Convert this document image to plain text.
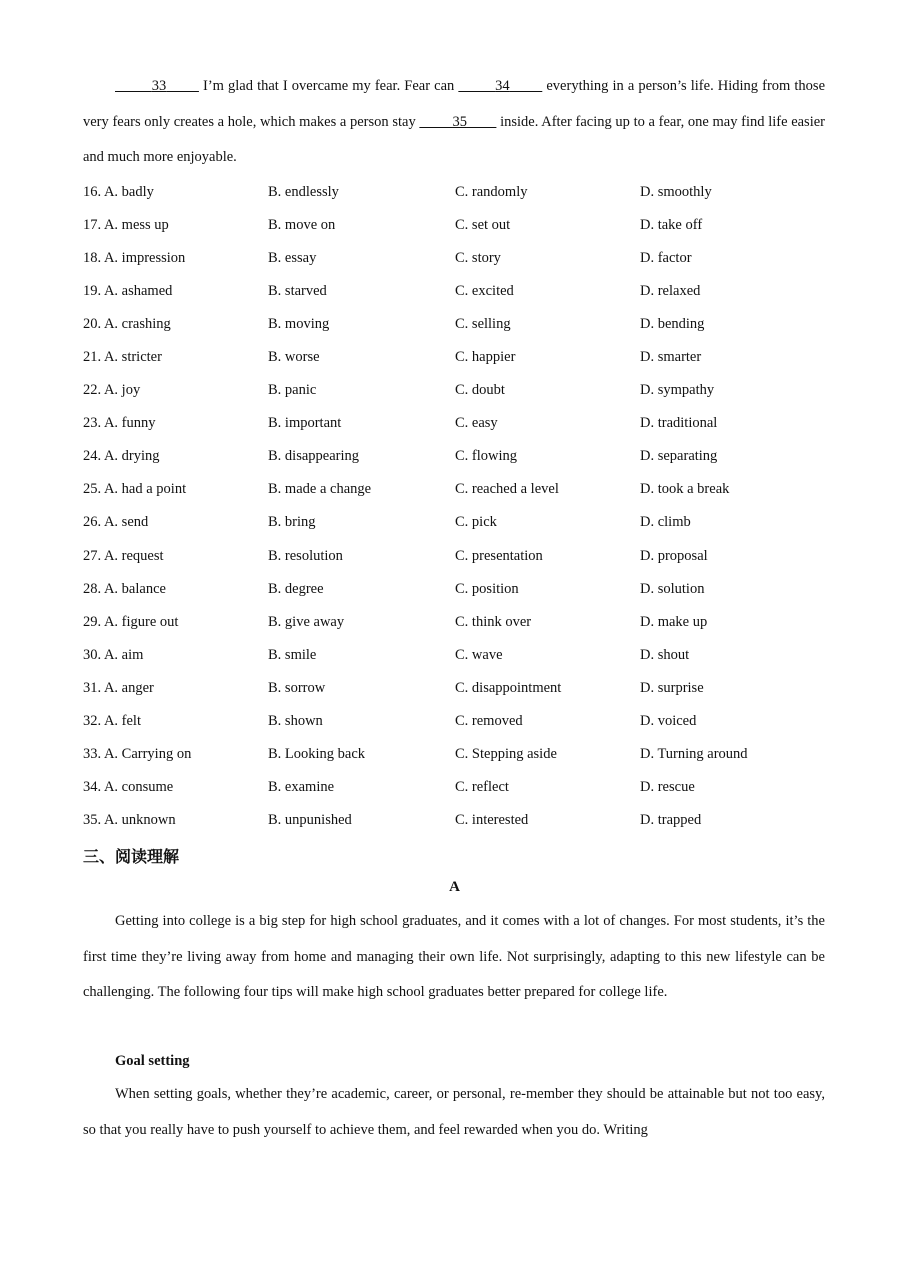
33         I’m glad that I overcame my fear. Fear can	34         everything in a person’s life. Hiding from those very fears only creates a hole, which makes a person stay          35         inside. After facing up to a fear, one may find life easier and much more enjoyable.

16. A. badly	B. endlessly	C. randomly	D. smoothly
17. A. mess up	B. move on	C. set out	D. take off
18. A. impression	B. essay	C. story	D. factor
19. A. ashamed	B. starved	C. excited	D. relaxed
20. A. crashing	B. moving	C. selling	D. bending
21. A. stricter	B. worse	C. happier	D. smarter
22. A. joy	B. panic	C. doubt	D. sympathy
23. A. funny	B. important	C. easy	D. traditional
24. A. drying	B. disappearing	C. flowing	D. separating
25. A. had a point	B. made a change	C. reached a level	D. took a break
26. A. send	B. bring	C. pick	D. climb
27. A. request	B. resolution	C. presentation	D. proposal
28. A. balance	B. degree	C. position	D. solution
29. A. figure out	B. give away	C. think over	D. make up
30. A. aim	B. smile	C. wave	D. shout
31. A. anger	B. sorrow	C. disappointment	D. surprise
32. A. felt	B. shown	C. removed	D. voiced
33. A. Carrying on	B. Looking back	C. Stepping aside	D. Turning around
34. A. consume	B. examine	C. reflect	D. rescue
35. A. unknown	B. unpunished	C. interested	D. trapped
三、阅读理解
A

Getting into college is a big step for high school graduates, and it comes with a lot of changes. For most students, it’s the first time they’re living away from home and managing their own life. Not surprisingly, adapting to this new lifestyle can be challenging. The following four tips will make high school graduates better prepared for college life.

Goal setting

When setting goals, whether they’re academic, career, or personal, re-member they should be attainable but not too easy, so that you really have to push yourself to achieve them, and feel rewarded when you do. Writing
